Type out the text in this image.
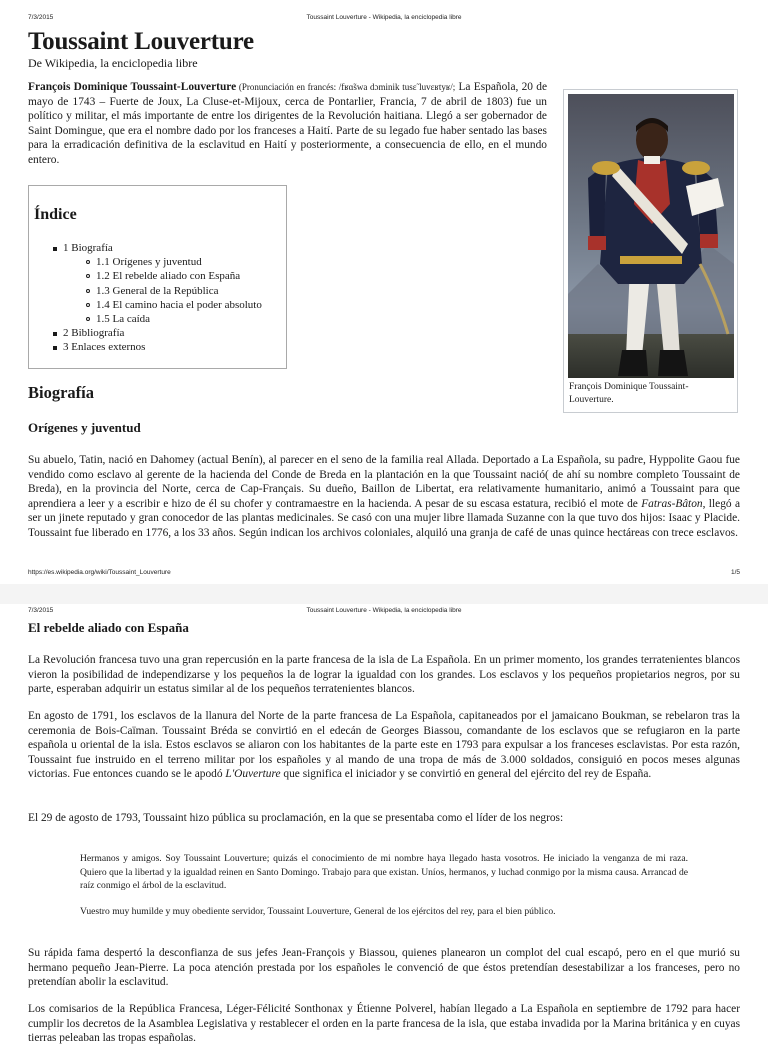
7/3/2015	Toussaint Louverture - Wikipedia, la enciclopedia libre
Toussaint Louverture
De Wikipedia, la enciclopedia libre

François Dominique Toussaint-Louverture (Pronunciación en francés: /fʁɑ̃swa dɔminik tusɛ̃ luvɛʁtyʁ/; La Española, 20 de mayo de 1743 – Fuerte de Joux, La Cluse-et-Mijoux, cerca de Pontarlier, Francia, 7 de abril de 1803) fue un político y militar, el más importante de entre los dirigentes de la Revolución haitiana. Llegó a ser gobernador de Saint Domingue, que era el nombre dado por los franceses a Haití. Parte de su legado fue haber sentado las bases para la erradicación definitiva de la esclavitud en Haití y posteriormente, a consecuencia de ello, en el mundo entero.

François Dominique Toussaint-Louverture.
Índice
1 Biografía
1.1 Orígenes y juventud
1.2 El rebelde aliado con España
1.3 General de la República
1.4 El camino hacia el poder absoluto
1.5 La caída
2 Bibliografía
3 Enlaces externos
Biografía
Orígenes y juventud

Su abuelo, Tatin, nació en Dahomey (actual Benín), al parecer en el seno de la familia real Allada. Deportado a La Española, su padre, Hyppolite Gaou fue vendido como esclavo al gerente de la hacienda del Conde de Breda en la plantación en la que Toussaint nació( de ahí su nombre completo Toussaint de Breda), en la provincia del Norte, cerca de Cap-Français. Su dueño, Baillon de Libertat, era relativamente humanitario, animó a Toussaint para que aprendiera a leer y a escribir e hizo de él su chofer y contramaestre en la hacienda. A pesar de su escasa estatura, recibió el mote de Fatras-Bâton, llegó a ser un jinete reputado y gran conocedor de las plantas medicinales. Se casó con una mujer libre llamada Suzanne con la que tuvo dos hijos: Isaac y Placide. Toussaint fue liberado en 1776, a los 33 años. Según indican los archivos coloniales, alquiló una granja de café de unas quince hectáreas con trece esclavos.

https://es.wikipedia.org/wiki/Toussaint_Louverture	1/5
7/3/2015	Toussaint Louverture - Wikipedia, la enciclopedia libre
El rebelde aliado con España

La Revolución francesa tuvo una gran repercusión en la parte francesa de la isla de La Española. En un primer momento, los grandes terratenientes blancos vieron la posibilidad de independizarse y los pequeños la de lograr la igualdad con los grandes. Los esclavos y los pequeños propietarios negros, por su parte, esperaban adquirir un estatus similar al de los pequeños terratenientes blancos.

En agosto de 1791, los esclavos de la llanura del Norte de la parte francesa de La Española, capitaneados por el jamaicano Boukman, se rebelaron tras la ceremonia de Bois-Caïman. Toussaint Bréda se convirtió en el edecán de Georges Biassou, comandante de los esclavos que se refugiaron en la parte española u oriental de la isla. Estos esclavos se aliaron con los habitantes de la parte este en 1793 para expulsar a los franceses esclavistas. Por esta razón, Toussaint fue instruido en el terreno militar por los españoles y al mando de una tropa de más de 3.000 soldados, consiguió en pocos meses algunas victorias. Fue entonces cuando se le apodó L'Ouverture que significa el iniciador y se convirtió en general del ejército del rey de España.

El 29 de agosto de 1793, Toussaint hizo pública su proclamación, en la que se presentaba como el líder de los negros:

Hermanos y amigos. Soy Toussaint Louverture; quizás el conocimiento de mi nombre haya llegado hasta vosotros. He iniciado la venganza de mi raza. Quiero que la libertad y la igualdad reinen en Santo Domingo. Trabajo para que existan. Uníos, hermanos, y luchad conmigo por la misma causa. Arrancad de raíz conmigo el árbol de la esclavitud.

Vuestro muy humilde y muy obediente servidor, Toussaint Louverture, General de los ejércitos del rey, para el bien público.

Su rápida fama despertó la desconfianza de sus jefes Jean-François y Biassou, quienes planearon un complot del cual escapó, pero en el que murió su hermano pequeño Jean-Pierre. La poca atención prestada por los españoles le convenció de que éstos pretendían desestabilizar a los franceses, pero no pretendían abolir la esclavitud.

Los comisarios de la República Francesa, Léger-Félicité Sonthonax y Étienne Polverel, habían llegado a La Española en septiembre de 1792 para hacer cumplir los decretos de la Asamblea Legislativa y restablecer el orden en la parte francesa de la isla, que estaba invadida por la Marina británica y en cuyas tierras peleaban las tropas españolas.
